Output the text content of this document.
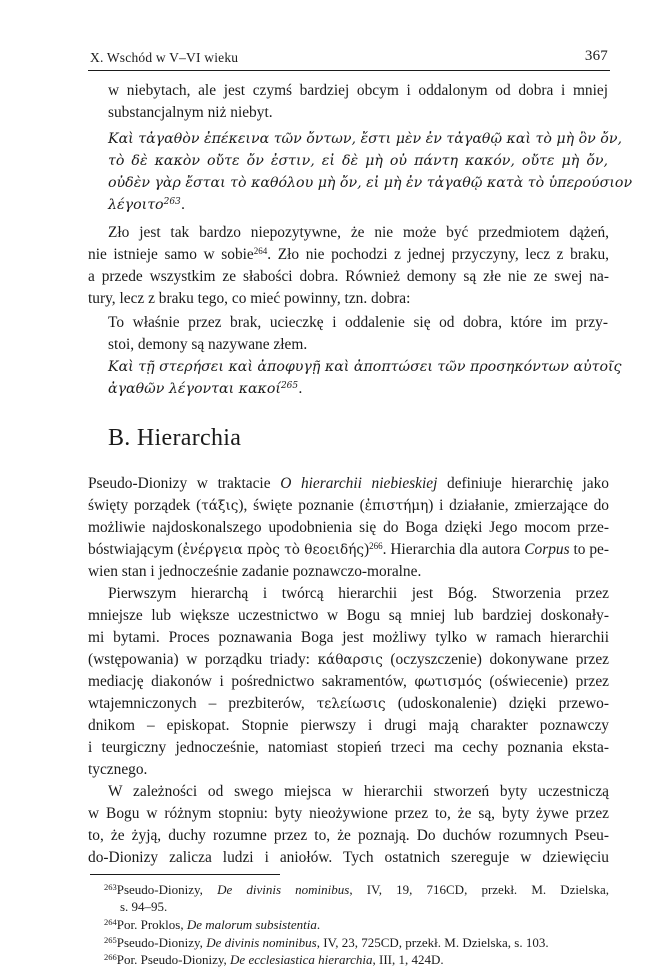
X. Wschód w V–VI wieku	367
w niebytach, ale jest czymś bardziej obcym i oddalonym od dobra i mniej
substancjalnym niż niebyt.
Καὶ τἀγαθὸν ἐπέκεινα τῶν ὄντων, ἔστι μὲν ἐν τἀγαθῷ καὶ τὸ μὴ ὂν ὄν,
τὸ δὲ κακὸν οὔτε ὄν ἐστιν, εἰ δὲ μὴ οὐ πάντη κακόν, οὔτε μὴ ὄν,
οὐδὲν γὰρ ἔσται τὸ καθόλου μὴ ὄν, εἰ μὴ ἐν τἀγαθῷ κατὰ τὸ ὑπερούσιον
λέγοιτο$^{263}$.
Zło jest tak bardzo niepozytywne, że nie może być przedmiotem dążeń,
nie istnieje samo w sobie$^{264}$. Zło nie pochodzi z jednej przyczyny, lecz z braku,
a przede wszystkim ze słabości dobra. Również demony są złe nie ze swej na-
tury, lecz z braku tego, co mieć powinny, tzn. dobra:
To właśnie przez brak, ucieczkę i oddalenie się od dobra, które im przy-
stoi, demony są nazywane złem.
Καὶ τῇ στερήσει καὶ ἀποφυγῇ καὶ ἀποπτώσει τῶν προσηκόντων αὐτοῖς
ἀγαθῶν λέγονται κακοί$^{265}$.
B. Hierarchia
Pseudo-Dionizy w traktacie O hierarchii niebieskiej definiuje hierarchię jako
święty porządek (τάξις), święte poznanie (ἐπιστήμη) i działanie, zmierzające do
możliwie najdoskonalszego upodobnienia się do Boga dzięki Jego mocom prze-
bóstwiającym (ἐνέργεια πρὸς τὸ θεοειδής)$^{266}$. Hierarchia dla autora Corpus to pe-
wien stan i jednocześnie zadanie poznawczo-moralne.
Pierwszym hierarchą i twórcą hierarchii jest Bóg. Stworzenia przez
mniejsze lub większe uczestnictwo w Bogu są mniej lub bardziej doskonały-
mi bytami. Proces poznawania Boga jest możliwy tylko w ramach hierarchii
(wstępowania) w porządku triady: κάθαρσις (oczyszczenie) dokonywane przez
mediację diakonów i pośrednictwo sakramentów, φωτισμός (oświecenie) przez
wtajemniczonych – prezbiterów, τελείωσις (udoskonalenie) dzięki przewo-
dnikom – episkopat. Stopnie pierwszy i drugi mają charakter poznawczy
i teurgiczny jednocześnie, natomiast stopień trzeci ma cechy poznania eksta-
tycznego.
W zależności od swego miejsca w hierarchii stworzeń byty uczestniczą
w Bogu w różnym stopniu: byty nieożywione przez to, że są, byty żywe przez
to, że żyją, duchy rozumne przez to, że poznają. Do duchów rozumnych Pseu-
do-Dionizy zalicza ludzi i aniołów. Tych ostatnich szereguje w dziewięciu
$^{263}$Pseudo-Dionizy, De divinis nominibus, IV, 19, 716CD, przekł. M. Dzielska,
s. 94–95.
$^{264}$Por. Proklos, De malorum subsistentia.
$^{265}$Pseudo-Dionizy, De divinis nominibus, IV, 23, 725CD, przekł. M. Dzielska, s. 103.
$^{266}$Por. Pseudo-Dionizy, De ecclesiastica hierarchia, III, 1, 424D.
